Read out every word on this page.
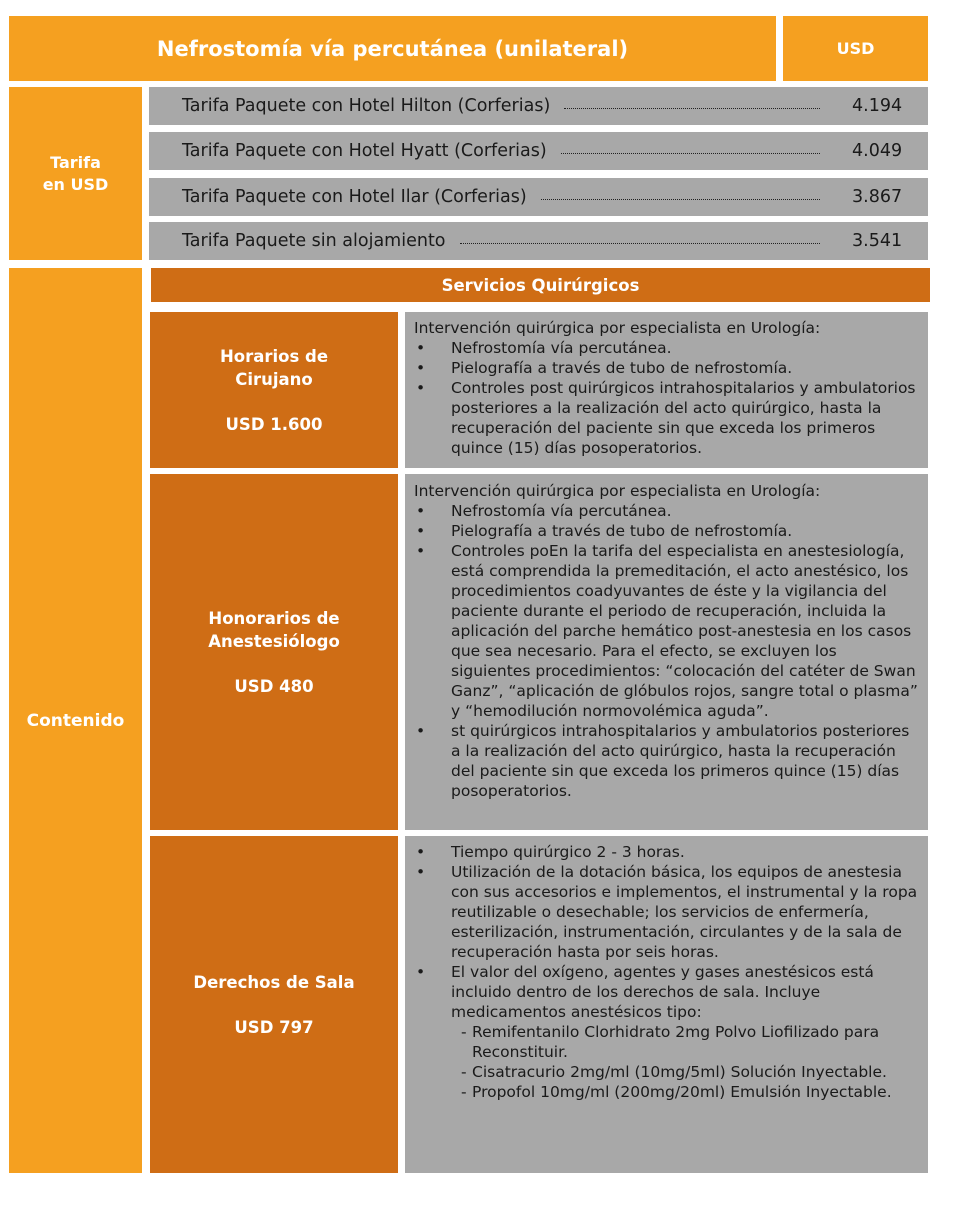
Nefrostomía vía percutánea (unilateral)	USD
Tarifa
en USD
Tarifa Paquete con Hotel Hilton (Corferias)	4.194
Tarifa Paquete con Hotel Hyatt (Corferias)	4.049
Tarifa Paquete con Hotel Ilar (Corferias)	3.867
Tarifa Paquete sin alojamiento	3.541
Contenido
Servicios Quirúrgicos
Horarios de
Cirujano
USD 1.600

Intervención quirúrgica por especialista en Urología:

• Nefrostomía vía percutánea.
• Pielografía a través de tubo de nefrostomía.
• Controles post quirúrgicos intrahospitalarios y ambulatorios posteriores a la realización del acto quirúrgico, hasta la recuperación del paciente sin que exceda los primeros quince (15) días posoperatorios.
Honorarios de
Anestesiólogo
USD 480

Intervención quirúrgica por especialista en Urología:

• Nefrostomía vía percutánea.
• Pielografía a través de tubo de nefrostomía.
• Controles poEn la tarifa del especialista en anestesiología, está comprendida la premeditación, el acto anestésico, los procedimientos coadyuvantes de éste y la vigilancia del paciente durante el periodo de recuperación, incluida la aplicación del parche hemático post-anestesia en los casos que sea necesario. Para el efecto, se excluyen los siguientes procedimientos: “colocación del catéter de Swan Ganz”, “aplicación de glóbulos rojos, sangre total o plasma” y “hemodilución normovolémica aguda”.
• st quirúrgicos intrahospitalarios y ambulatorios posteriores a la realización del acto quirúrgico, hasta la recuperación del paciente sin que exceda los primeros quince (15) días posoperatorios.
Derechos de Sala
USD 797
• Tiempo quirúrgico 2 - 3 horas.
• Utilización de la dotación básica, los equipos de anestesia con sus accesorios e implementos, el instrumental y la ropa reutilizable o desechable; los servicios de enfermería, esterilización, instrumentación, circulantes y de la sala de recuperación hasta por seis horas.
• El valor del oxígeno, agentes y gases anestésicos está incluido dentro de los derechos de sala. Incluye medicamentos anestésicos tipo:
- Remifentanilo Clorhidrato 2mg Polvo Liofilizado para Reconstituir.
- Cisatracurio 2mg/ml (10mg/5ml) Solución Inyectable.
- Propofol 10mg/ml (200mg/20ml) Emulsión Inyectable.
